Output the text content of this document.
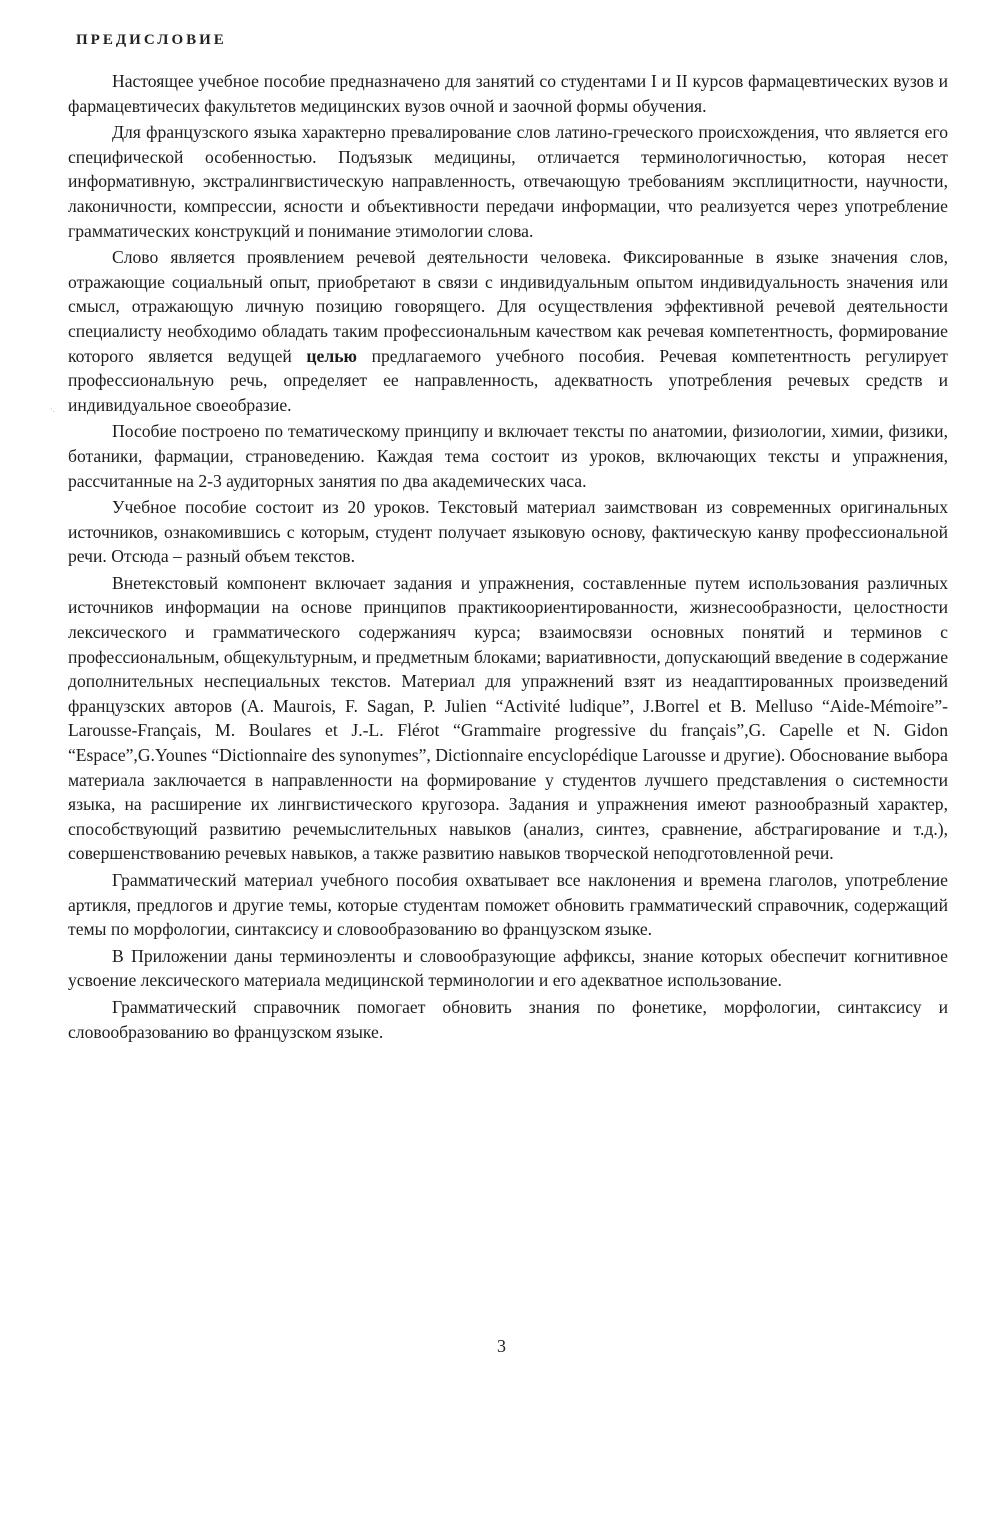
·.
ПРЕДИСЛОВИЕ

Настоящее учебное пособие предназначено для занятий со студентами I и II курсов фармацевтических вузов и фармацевтичесих факультетов медицинских вузов очной и заочной формы обучения.

Для французского языка характерно превалирование слов латино-греческого происхождения, что является его специфической особенностью. Подъязык медицины, отличается терминологичностью, которая несет информативную, экстралингвистическую направленность, отвечающую требованиям эксплицитности, научности, лаконичности, компрессии, ясности и объективности передачи информации, что реализуется через употребление грамматических конструкций и понимание этимологии слова.

Слово является проявлением речевой деятельности человека. Фиксированные в языке значения слов, отражающие социальный опыт, приобретают в связи с индивидуальным опытом индивидуальность значения или смысл, отражающую личную позицию говорящего. Для осуществления эффективной речевой деятельности специалисту необходимо обладать таким профессиональным качеством как речевая компетентность, формирование которого является ведущей целью предлагаемого учебного пособия. Речевая компетентность регулирует профессиональную речь, определяет ее направленность, адекватность употребления речевых средств и индивидуальное своеобразие.

Пособие построено по тематическому принципу и включает тексты по анатомии, физиологии, химии, физики, ботаники, фармации, страноведению. Каждая тема состоит из уроков, включающих тексты и упражнения, рассчитанные на 2-3 аудиторных занятия по два академических часа.

Учебное пособие состоит из 20 уроков. Текстовый материал заимствован из современных оригинальных источников, ознакомившись с которым, студент получает языковую основу, фактическую канву профессиональной речи. Отсюда – разный объем текстов.

Внетекстовый компонент включает задания и упражнения, составленные путем использования различных источников информации на основе принципов практикоориентированности, жизнесообразности, целостности лексического и грамматического содержанияч курса; взаимосвязи основных понятий и терминов с профессиональным, общекультурным, и предметным блоками; вариативности, допускающий введение в содержание дополнительных неспециальных текстов. Материал для упражнений взят из неадаптированных произведений французских авторов (A. Maurois, F. Sagan, P. Julien “Activité ludique”, J.Borrel et B. Melluso “Aide-Mémoire”- Larousse-Français, M. Boulares et J.-L. Flérot “Grammaire progressive du français”,G. Capelle et N. Gidon “Espace”,G.Younes “Dictionnaire des synonymes”, Dictionnaire encyclopédique Larousse и другие). Обоснование выбора материала заключается в направленности на формирование у студентов лучшего представления о системности языка, на расширение их лингвистического кругозора. Задания и упражнения имеют разнообразный характер, способствующий развитию речемыслительных навыков (анализ, синтез, сравнение, абстрагирование и т.д.), совершенствованию речевых навыков, а также развитию навыков творческой неподготовленной речи.

Грамматический материал учебного пособия охватывает все наклонения и времена глаголов, употребление артикля, предлогов и другие темы, которые студентам поможет обновить грамматический справочник, содержащий темы по морфологии, синтаксису и словообразованию во французском языке.

В Приложении даны терминоэленты и словообразующие аффиксы, знание которых обеспечит когнитивное усвоение лексического материала медицинской терминологии и его адекватное использование.

Грамматический справочник помогает обновить знания по фонетике, морфологии, синтаксису и словообразованию во французском языке.

3
